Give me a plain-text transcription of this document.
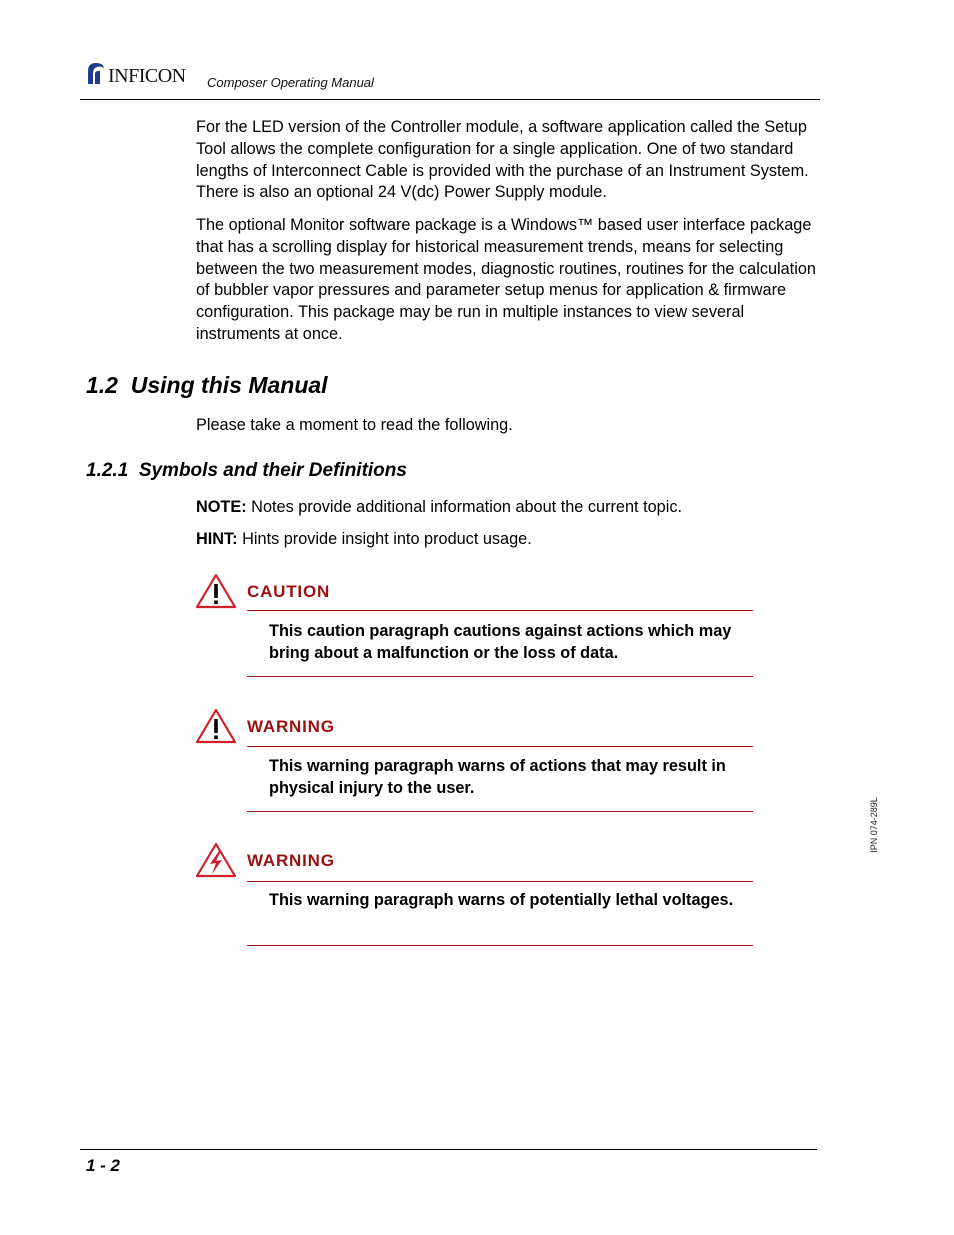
INFICON Composer Operating Manual

For the LED version of the Controller module, a software application called the Setup Tool allows the complete configuration for a single application. One of two standard lengths of Interconnect Cable is provided with the purchase of an Instrument System. There is also an optional 24 V(dc) Power Supply module.

The optional Monitor software package is a Windows™ based user interface package that has a scrolling display for historical measurement trends, means for selecting between the two measurement modes, diagnostic routines, routines for the calculation of bubbler vapor pressures and parameter setup menus for application & firmware configuration. This package may be run in multiple instances to view several instruments at once.

1.2  Using this Manual
Please take a moment to read the following.
1.2.1  Symbols and their Definitions
NOTE: Notes provide additional information about the current topic.
HINT: Hints provide insight into product usage.
CAUTION

This caution paragraph cautions against actions which may bring about a malfunction or the loss of data.

WARNING

This warning paragraph warns of actions that may result in physical injury to the user.

WARNING

This warning paragraph warns of potentially lethal voltages.

IPN 074-289L
1 - 2
